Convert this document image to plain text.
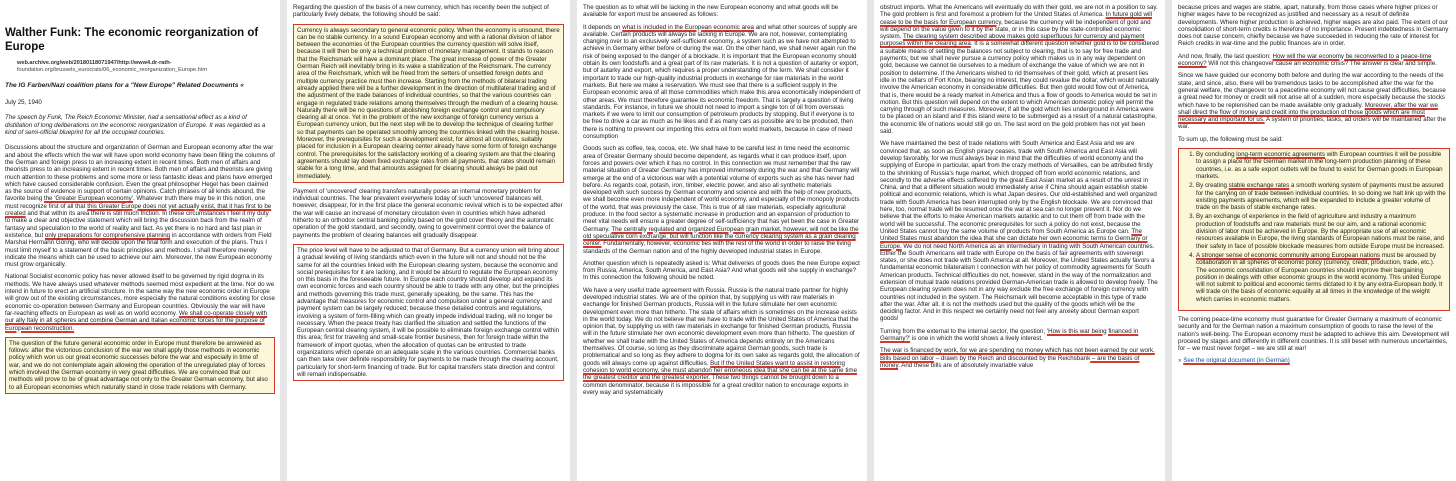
Walther Funk: The economic reorganization of Europe
web.archive.org/web/20180118071947/http://www4.dr-rath-
foundation.org/brussels_eurocrats/06_economic_reorganization_Europe.htm
The IG Farben/Nazi coalition plans for a "New Europe" Related Documents «
July 25, 1940
The speech by Funk, The Reich Economic Minister, had a sensational effect as a kind of distillation of long deliberations on the economic reorganization of Europe. It was regarded as a kind of semi-official blueprint for all the occupied countries.

Discussions about the structure and organization of German and European economy after the war and about the effects which the war will have upon world economy have been filling the columns of the German and foreign press to an increasing extent in recent times. Both men of affairs and theorists press to an increasing extent in recent times. Both men of affairs and theorists are giving much attention to these problems and some more or less fantastic ideas and plans have emerged which have caused considerable confusion. Even the great philosopher Hegel has been claimed as the source of evidence in support of certain opinions. Catch phrases of all kinds abound, the favorite being the 'Greater European economy'. Whatever truth there may be in this notion, one must recognize first of all that this Greater Europe does not yet actually exist, that it has first to be created and that within its area there is still much friction. In these circumstances I feel it my duty to make a clear and objective statement which will bring the discussion back from the realm of fantasy and speculation to the world of reality and fact. As yet there is no hard and fast plan in existence, but only preparations for comprehensive planning in accordance with orders from Field Marshal Hermann Göring, who will decide upon the final form and execution of the plans. Thus I must limit myself to a statement of the basic principles and methods. I shall therefore merely indicate the means which can be used to achieve our aim. Moreover, the new European economy must grow organically.

National Socialist economic policy has never allowed itself to be governed by rigid dogma in its methods. We have always used whatever methods seemed most expedient at the time. Nor do we intend in future to erect an artificial structure. In the same way the new economic order in Europe will grow out of the existing circumstances, more especially the natural conditions existing for close economic co-operation between Germany and European countries. Obviously the war will have far-reaching effects on European as well as on world economy. We shall co-operate closely with our ally Italy in all spheres and combine German and Italian economic forces for the purpose of European reconstruction.

The question of the future general economic order in Europe must therefore be answered as follows: after the victorious conclusion of the war we shall apply those methods in economic policy which won us our great economic successes before the war and especially in time of war, and we do not contemplate again allowing the operation of the unregulated play of forces which involved the German economy in very great difficulties. We are convinced that our methods will prove to be of great advantage not only to the Greater German economy, but also to all European economies which naturally stand in close trade relations with Germany.

Regarding the question of the basis of a new currency, which has recently been the subject of particularly lively debate, the following should be said:

Currency is always secondary to general economic policy. When the economy is unsound, there can be no stable currency. In a sound European economy and with a rational division of labor between the economies of the European countries the currency question will solve itself, because it will then be only a technical problem of monetary management. It stands to reason that the Reichsmark will have a dominant place. The great increase of power of the Greater German Reich will inevitably bring in its wake a stabilization of the Reichsmark. The currency area of the Reichsmark, which will be freed from the setters of unsettled foreign debts and multiple currency practice must then increase. Starting from the methods of bilateral trading already applied there will be a further development in the direction of multilateral trading and of the adjustment of the trade balances of individual countries, so that the various countries can engage in regulated trade relations among themselves through the medium of a clearing house. Naturally there will be no questions of abolishing foreign exchange control and compulsory clearing all at once. Yet in the problem of the new exchange of foreign currency versus a European currency union, but the next step will be to develop the technique of clearing further so that payments can be operated smoothly among the countries linked with the clearing house. Moreover, the prerequisites for such a development exist, for almost all countries, suitably placed for inclusion in a European clearing center already have some form of foreign exchange control. The prerequisites for the satisfactory working of a clearing system are that the clearing agreements should lay down fixed exchange rates from all payments, that rates should remain stable for a long time, and that amounts assigned for clearing should always be paid out immediately.

Payment of 'uncovered' clearing transfers naturally poses an internal monetary problem for individual countries. The fear prevalent everywhere today of such 'uncovered' balances will, however, disappear, for in the first place the general economic revival which is to be expected after the war will cause an increase of monetary circulation even in countries which have adhered hitherto to an orthodox central banking policy based on the gold cover theory and the automatic operation of the gold standard, and secondly, owing to government control over the balance of payments the problem of clearing balances will gradually disappear.

The price level will have to be adjusted to that of Germany. But a currency union will bring about a gradual leveling of living standards which even in the future will not and should not be the same for all the countries linked with the European clearing system, because the economic and social prerequisites for it are lacking, and it would be absurd to regulate the European economy on this basis in the foreseeable future. In Europe each country should develop and expand its own economic forces and each country should be able to trade with any other, but the principles and methods governing this trade must, generally speaking, be the same. This has the advantage that measures for economic control and compulsion under a general currency and payment system can be largely reduced; because these detailed controls and regulations, involving a system of form-filling which can greatly impede individual trading, will no longer be necessary. When the peace treaty has clarified the situation and settled the functions of the European central clearing system, it will be possible to eliminate foreign exchange control within this area; first for traveling and small-scale frontier business, then for foreign trade within the framework of import quotas, when the allocation of quotas can be entrusted to trade organizations which operate on an adequate scale in the various countries. Commercial banks can then take over definite responsibility for payments to be made through the clearing account, particularly for short-term financing of trade. But for capital transfers state direction and control will remain indispensable.

The question as to what will be lacking in the new European economy and what goods will be available for export must be answered as follows:

It depends on what is included in the European economic area and what other sources of supply are available. Certain products will always be lacking in Europe. We are not, however, contemplating changing over to an exclusively self-sufficient economy, a system such as we have not attempted to achieve in Germany either before or during the war. On the other hand, we shall never again run the risk of being exposed to the danger of a blockade. It is important that the European economy should obtain its own foodstuffs and a great part of its raw materials. It is not a question of autarky or export, but of autarky and export, which requires a proper understanding of the term. We shall consider it important to trade our high-quality industrial products in exchange for raw materials in the world markets. But here we make a reservation. We must see that there is a sufficient supply in the European economic area of all those commodities which make this area economically independent of other areas. We must therefore guarantee its economic freedom. That is largely a question of living standards. For instance, in future we should not need to import a single ton of oil from overseas markets if we were to limit our consumption of petroleum products by stopping. But if everyone is to be free to drive a car as much as he likes and if as many cars as possible are to be produced, then there is nothing to prevent our importing this extra oil from world markets, because in case of need consumption

Goods such as coffee, tea, cocoa, etc. We shall have to be careful lest in time need the economic area of Greater Germany should become dependent, as regards what it can produce itself, upon forces and powers over which it has no control. In this connection we must remember that the raw material situation of Greater Germany has improved immensely during the war and that Germany will emerge at the end of a victorious war with a potential volume of exports such as she has never had before. As regards coal, potash, iron, timber, electric power, and also all synthetic materials developed with such success by German economy and science and with the help of new products, we shall become even more independent of world economy, and especially of the monopoly products of the world, that was previously the case. This is true of all raw materials, especially agricultural produce. In the food sector a systematic increase in production and an expansion of production to meet vital needs will ensure a greater degree of self-sufficiency that has yet been the case in Greater Germany. The centrally regulated and organized European grain market, however, will not be like the old speculative corn exchange, but will function like the currency clearing system as a grain clearing center. Fundamentally, however, economic ties with the rest of the world in order to raise the living standards of the German nation and of the highly developed industrial states in Europe.

Another question which is repeatedly asked is: What deliveries of goods does the new Europe expect from Russia, America, South America, and East Asia? And what goods will she supply in exchange? In this connection the following should be noted.

We have a very useful trade agreement with Russia. Russia is the natural trade partner for highly developed industrial states. We are of the opinion that, by supplying us with raw materials in exchange for finished German products, Russia will in the future stimulate her own economic development even more than hitherto. The state of affairs which is sometimes on the increase exists in the world today. We do not believe that we have to trade with the United States of America that the opinion that, by supplying us with raw materials in exchange for finished German products, Russia will in the future stimulate her own economic development even more than hitherto. The question of whether we shall trade with the United States of America depends entirely on the Americans themselves. Of course, so long as they discriminate against German goods, such trade is problematical and so long as they adhere to dogma for its own sake as regards gold, the allocation of goods will always come up against difficulties. But if the United States want to assist in restoring cohesion to world economy, she must abandon her erroneous idea that she can be at the same time the greatest creditor and the greatest exporter. These two things cannot be brought down to a common denominator, because it is impossible for a great creditor nation to encourage exports in every way and systematically

obstruct imports. What the Americans will eventually do with their gold, we are not in a position to say. The gold problem is first and foremost a problem for the United States of America. In future gold will cease to be the basis for European currency, because the currency will be independent of gold and will depend on the value given to it by the state, or in this case by the state-controlled economic system. The clearing system described above makes gold superfluous for currency and payment purposes within the clearing area. It is a somewhat different question whether gold is to be considered a suitable means of settling the balances not subject to clearing, that is to say for free trade and payments; but we shall never pursue a currency policy which makes us in any way dependent on gold, because we cannot tie ourselves to a medium of exchange the value of which we are not in position to determine. If the Americans wished to rid themselves of their gold, which at present lies idle in the cellars of Fort Knox, bearing no interest, they could revalue the dollar, which would naturally involve the American economy in considerable difficulties. But then gold would flow out of America, that is, there would be a ready market in America and thus a flow of goods to America would be set in motion. But this question will depend on the extent to which American domestic policy will permit the carrying through of such measures. Moreover, if all the gold which lies underground in America were to be placed on an island and if this island were to be submerged as a result of a natural catastrophe, the economic life of nations would still go on. The last word on the gold problem has not yet been said.

We have maintained the best of trade relations with South America and East Asia and we are convinced that, as soon as English piracy ceases, trade with South America and East Asia will develop favorably, for we must always bear in mind that the difficulties of world economy and the supplying of Europe in particular, apart from the crazy methods of Versailles, can be attributed firstly to the shrinking of Russia's huge market, which dropped off from world economic relations, and secondly to the adverse effects suffered by the great East Asian market as a result of the unrest in China, and that a different situation would immediately arise if China should again establish stable political and economic relations, which is what Japan desires. Our old-established and well organized trade with South America has been interrupted only by the English blockade. We are convinced that here, too, normal trade will be resumed once the war at sea can no longer prevent it. Nor do we believe that the efforts to make American markets autarkic and to cut them off from trade with the world will be successful. The economic prerequisites for such a policy do not exist, because the United States cannot buy the same volume of products from South America as Europe can. The United States must abandon the idea that she can dictate her own economic terms to Germany or Europe. We do not need North America as an intermediary in trading with South American countries. Either the South Americans will trade with Europe on the basis of fair agreements with sovereign states, or she does not trade with South America at all. Moreover, the United States actually favors a fundamental economic bilateralism I connection with her policy of commodity agreements for South American products. Technical difficulties do not, however, stand in the way of the normalization and extension of mutual trade relations provided German-American trade is allowed to develop freely. The European clearing system does not in any way exclude the free exchange of foreign currency with countries not included in the system. The Reichsmark will become acceptable in this type of trade after the war. After all, it is not the methods used but the quality of the goods which will be the deciding factor. And in this respect we certainly need not feel any anxiety about German export goods!

Turning from the external to the internal sector, the question, 'How is this war being financed in Germany?' is one in which the world shows a lively interest.

The war is financed by work, for we are spending no money which has not been earned by our work. Bills based on labor – drawn by the Reich and discounted by the Reichsbank – are the basis of money. And these bills are of absolutely invariable value

because prices and wages are stable, apart, naturally, from those cases where higher prices or higher wages have to be recognized as justified and necessary as a result of definite developments. Where higher production is achieved, higher wages are also paid. The extent of our consolidation of short-term credits is therefore of no importance. Present indebtedness in Germany does not cause concern, chiefly because we have succeeded in reducing the rate of interest for Reich credits in war-time and the public finances are in order.

And now, finally, the last question: How will the war economy be reconverted to a peace-time economy? Will not this changeover cause an economic crisis? The answer is clear and simple.

Since we have guided our economy both before and during the war according to the needs of the state, and since, also, there will be tremendous tasks to be accomplished after the war for the general welfare, the changeover to a peacetime economy will not cause great difficulties, because a great need for money or credit will not arise all of a sudden, more especially because the stocks which have to be replenished can be made available only gradually. Moreover, after the war we shall direct the flow of money and credit into the production of those goods which are most necessary and important for us. A system of priorities, tasks, ad orders will be maintained after the war.

To sum up, the following must be said:

1. By concluding long-term economic agreements with European countries it will be possible to assign a place for the German market in the long-term production planning of these countries, i.e. as a safe export outlets will be found to exist for German goods in European markets.
2. By creating stable exchange rates a smooth working system of payments must be assured for the carrying on of trade between individual countries. In so doing we halt link up with the existing payments agreements, which will be expanded to include a greater volume of trade on the basis of stable exchange rates.
3. By an exchange of experience in the field of agriculture and industry a maximum production of foodstuffs and raw materials must be our aim, and a rational economic division of labor must be achieved in Europe. By the appropriate use of all economic resources available in Europe, the living standards of European nations must be raise, and their safety in face of possible blockade measures from outside Europe must be increased.
4. A stronger sense of economic community among European nations must be aroused by collaboration in all spheres of economic policy (currency, credit, production, trade, etc.). The economic consolidation of European countries should improve their bargaining position in dealings with other economic groups in the world economy. This united Europe will not submit to political and economic terms dictated to it by any extra-European body. It will trade on the basis of economic equality at all times in the knowledge of the weight which carries in economic matters.

The coming peace-time economy must guarantee for Greater Germany a maximum of economic security and for the German nation a maximum consumption of goods to raise the level of the nation's well-being. The European economy must be adapted to achieve this aim. Development will proceed by stages and differently in different countries. It is still beset with numerous uncertainties, for – we must never forget – we are still at war!

» See the original document (in German)
